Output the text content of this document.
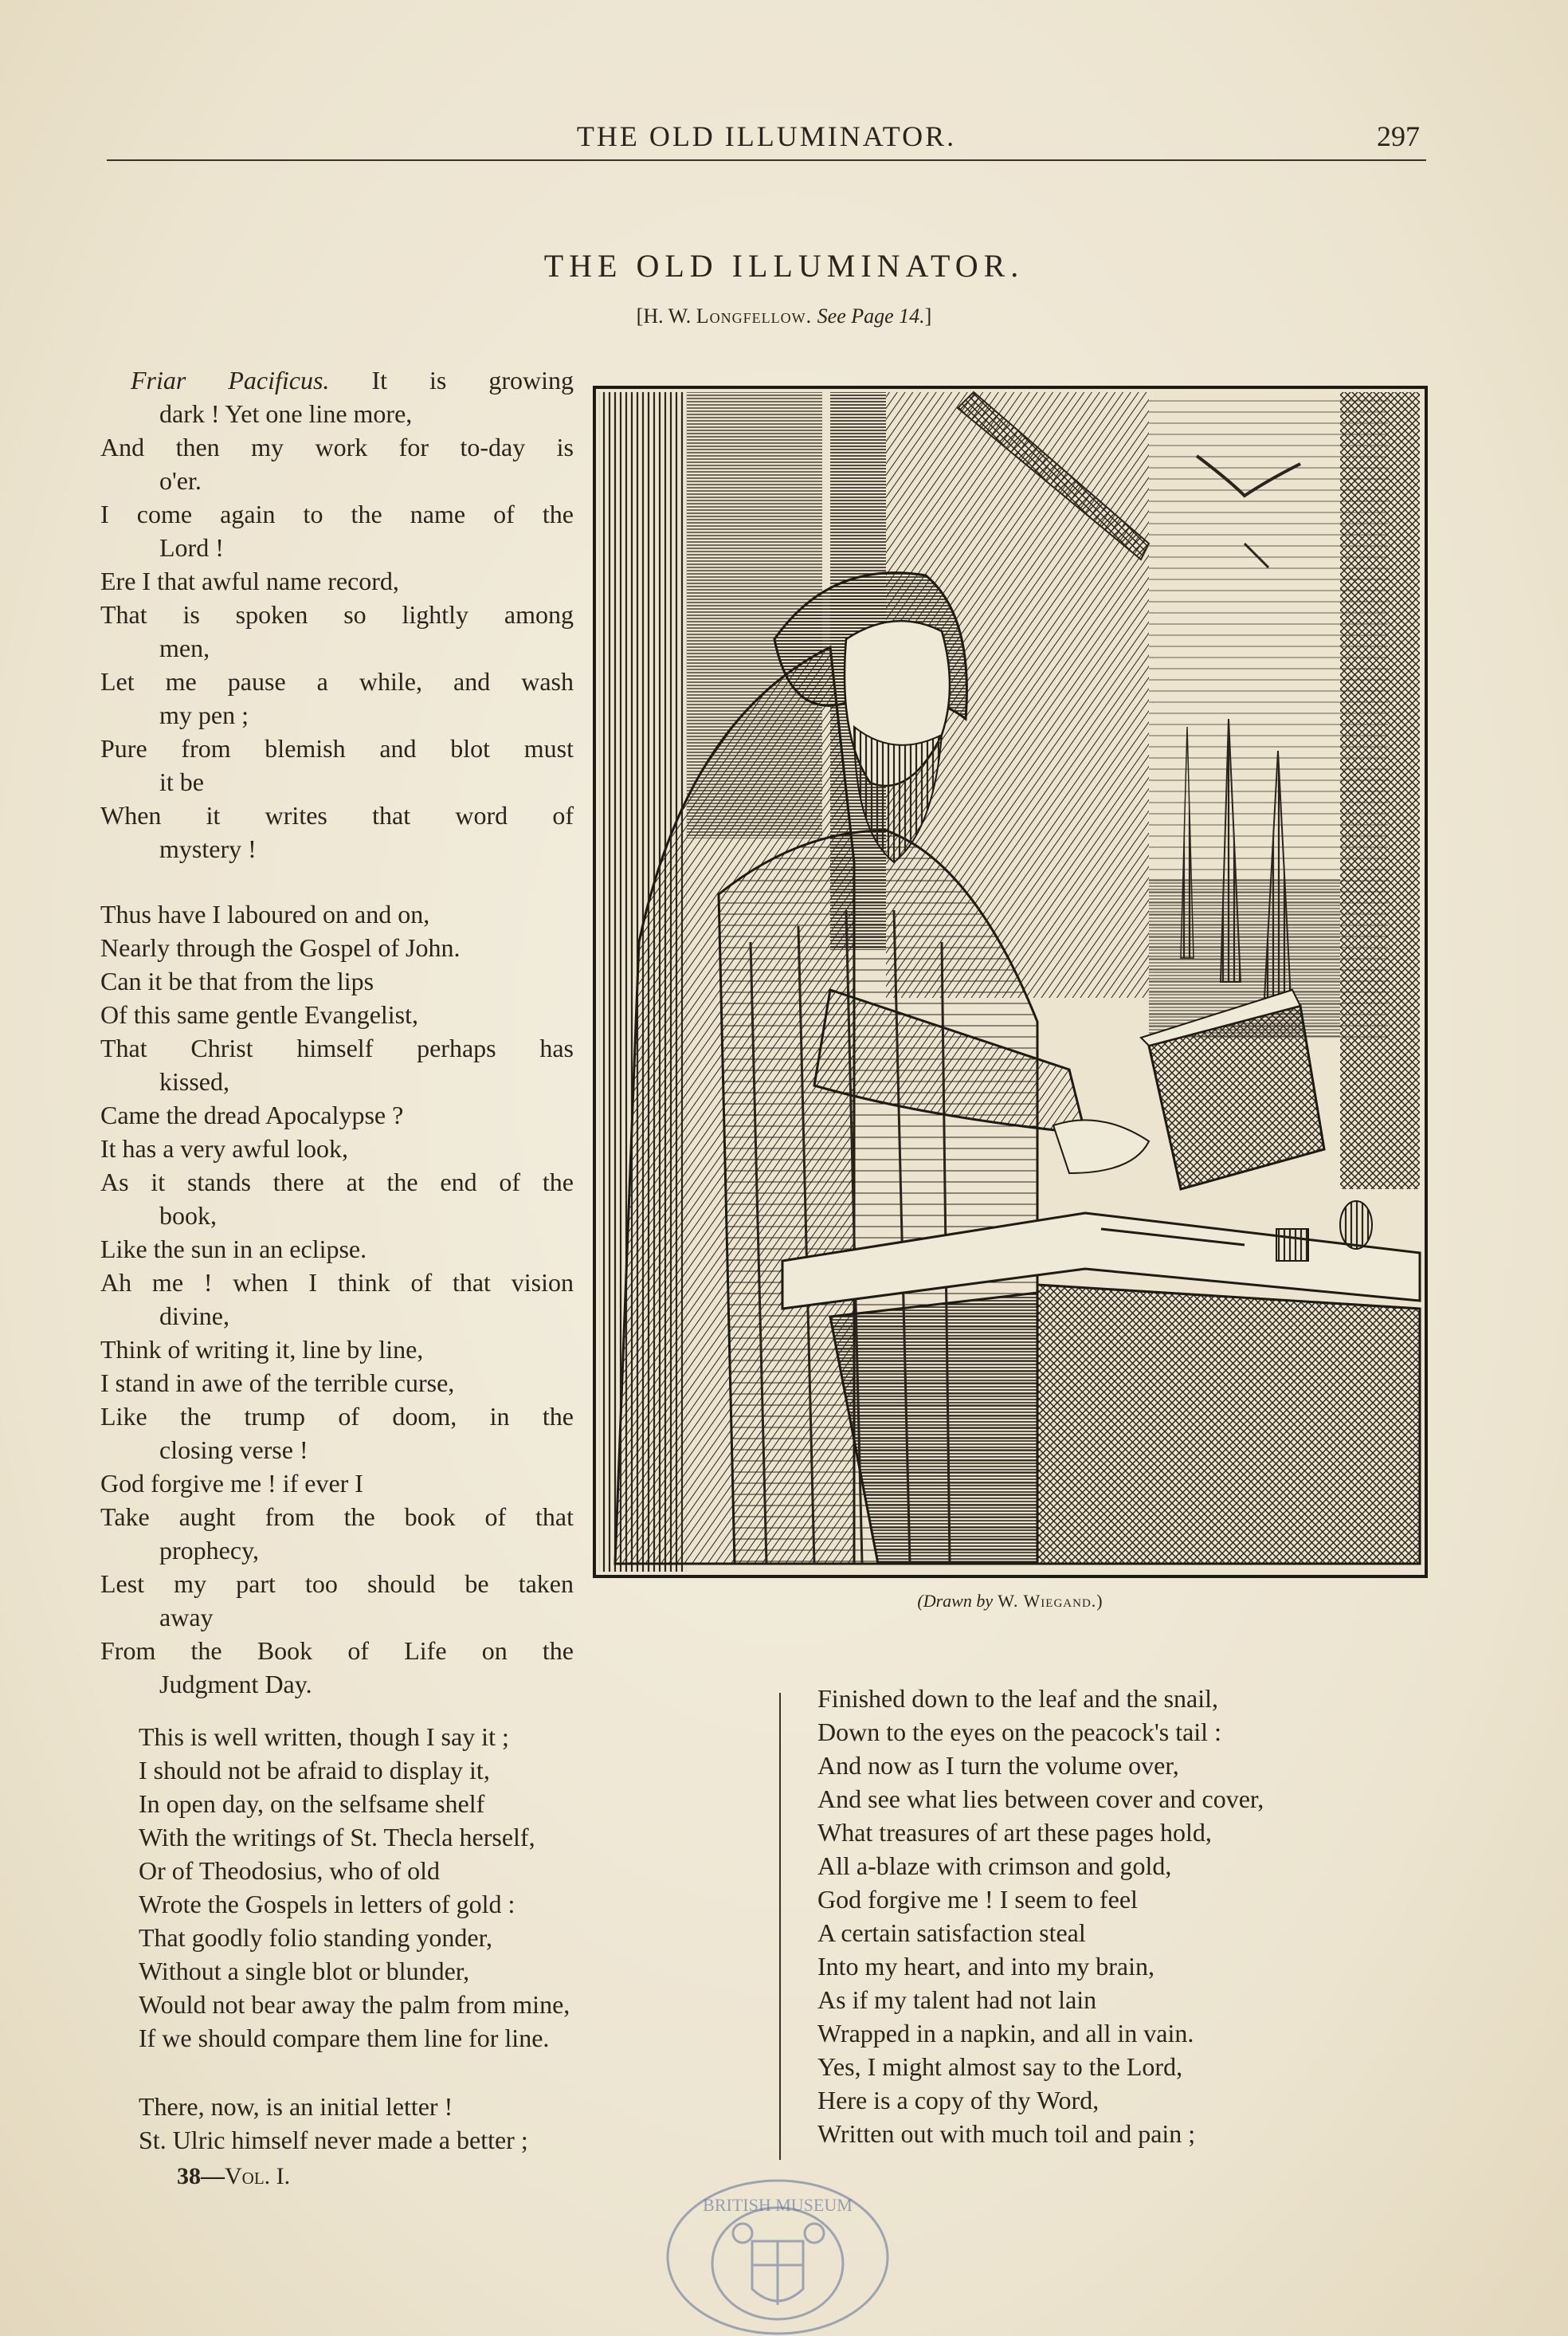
THE OLD ILLUMINATOR.	297
THE OLD ILLUMINATOR.
[H. W. Longfellow. See Page 14.]
Friar Pacificus. It is growing
dark ! Yet one line more,
And then my work for to-day is
o'er.
I come again to the name of the
Lord !
Ere I that awful name record,
That is spoken so lightly among
men,
Let me pause a while, and wash
my pen ;
Pure from blemish and blot must
it be
When it writes that word of
mystery !
Thus have I laboured on and on,
Nearly through the Gospel of John.
Can it be that from the lips
Of this same gentle Evangelist,
That Christ himself perhaps has
kissed,
Came the dread Apocalypse ?
It has a very awful look,
As it stands there at the end of the
book,
Like the sun in an eclipse.
Ah me ! when I think of that vision
divine,
Think of writing it, line by line,
I stand in awe of the terrible curse,
Like the trump of doom, in the
closing verse !
God forgive me ! if ever I
Take aught from the book of that
prophecy,
Lest my part too should be taken
away
From the Book of Life on the
Judgment Day.
This is well written, though I say it ;
I should not be afraid to display it,
In open day, on the selfsame shelf
With the writings of St. Thecla herself,
Or of Theodosius, who of old
Wrote the Gospels in letters of gold :
That goodly folio standing yonder,
Without a single blot or blunder,
Would not bear away the palm from mine,
If we should compare them line for line.
There, now, is an initial letter !
St. Ulric himself never made a better ;
38—Vol. I.
Finished down to the leaf and the snail,
Down to the eyes on the peacock's tail :
And now as I turn the volume over,
And see what lies between cover and cover,
What treasures of art these pages hold,
All a-blaze with crimson and gold,
God forgive me ! I seem to feel
A certain satisfaction steal
Into my heart, and into my brain,
As if my talent had not lain
Wrapped in a napkin, and all in vain.
Yes, I might almost say to the Lord,
Here is a copy of thy Word,
Written out with much toil and pain ;
(Drawn by W. Wiegand.)
BRITISH MUSEUM
